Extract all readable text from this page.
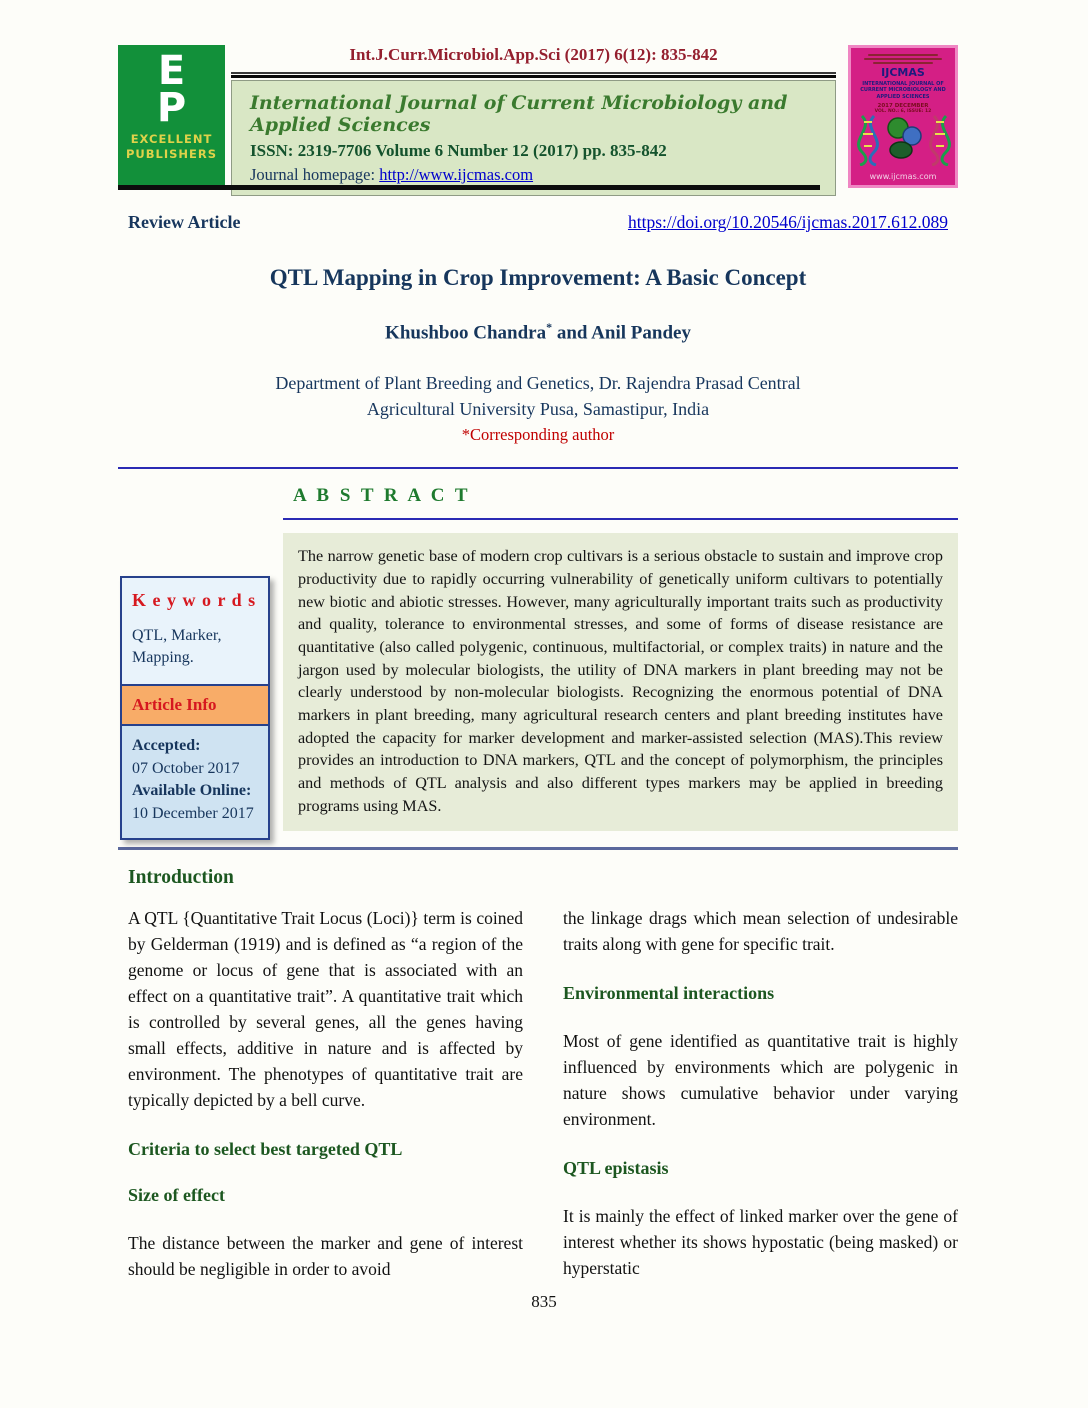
E
P
EXCELLENT
PUBLISHERS
Int.J.Curr.Microbiol.App.Sci (2017) 6(12): 835-842
International Journal of Current Microbiology and Applied Sciences
ISSN: 2319-7706 Volume 6 Number 12 (2017) pp. 835-842
Journal homepage: http://www.ijcmas.com
IJCMAS
INTERNATIONAL JOURNAL OF CURRENT MICROBIOLOGY AND APPLIED SCIENCES
2017 DECEMBER
VOL. NO.: 6, ISSUE: 12
www.ijcmas.com
Review Article	https://doi.org/10.20546/ijcmas.2017.612.089
QTL Mapping in Crop Improvement: A Basic Concept
Khushboo Chandra* and Anil Pandey
Department of Plant Breeding and Genetics, Dr. Rajendra Prasad Central
Agricultural University Pusa, Samastipur, India
*Corresponding author
A B S T R A C T
The narrow genetic base of modern crop cultivars is a serious obstacle to sustain and improve crop productivity due to rapidly occurring vulnerability of genetically uniform cultivars to potentially new biotic and abiotic stresses. However, many agriculturally important traits such as productivity and quality, tolerance to environmental stresses, and some of forms of disease resistance are quantitative (also called polygenic, continuous, multifactorial, or complex traits) in nature and the jargon used by molecular biologists, the utility of DNA markers in plant breeding may not be clearly understood by non-molecular biologists. Recognizing the enormous potential of DNA markers in plant breeding, many agricultural research centers and plant breeding institutes have adopted the capacity for marker development and marker-assisted selection (MAS).This review provides an introduction to DNA markers, QTL and the concept of polymorphism, the principles and methods of QTL analysis and also different types markers may be applied in breeding programs using MAS.
K e y w o r d s
QTL, Marker, Mapping.
Article Info
Accepted:
07 October 2017
Available Online:
10 December 2017
Introduction

A QTL {Quantitative Trait Locus (Loci)} term is coined by Gelderman (1919) and is defined as “a region of the genome or locus of gene that is associated with an effect on a quantitative trait”. A quantitative trait which is controlled by several genes, all the genes having small effects, additive in nature and is affected by environment. The phenotypes of quantitative trait are typically depicted by a bell curve.

Criteria to select best targeted QTL
Size of effect

The distance between the marker and gene of interest should be negligible in order to avoid

the linkage drags which mean selection of undesirable traits along with gene for specific trait.

Environmental interactions

Most of gene identified as quantitative trait is highly influenced by environments which are polygenic in nature shows cumulative behavior under varying environment.

QTL epistasis

It is mainly the effect of linked marker over the gene of interest whether its shows hypostatic (being masked) or hyperstatic

835
